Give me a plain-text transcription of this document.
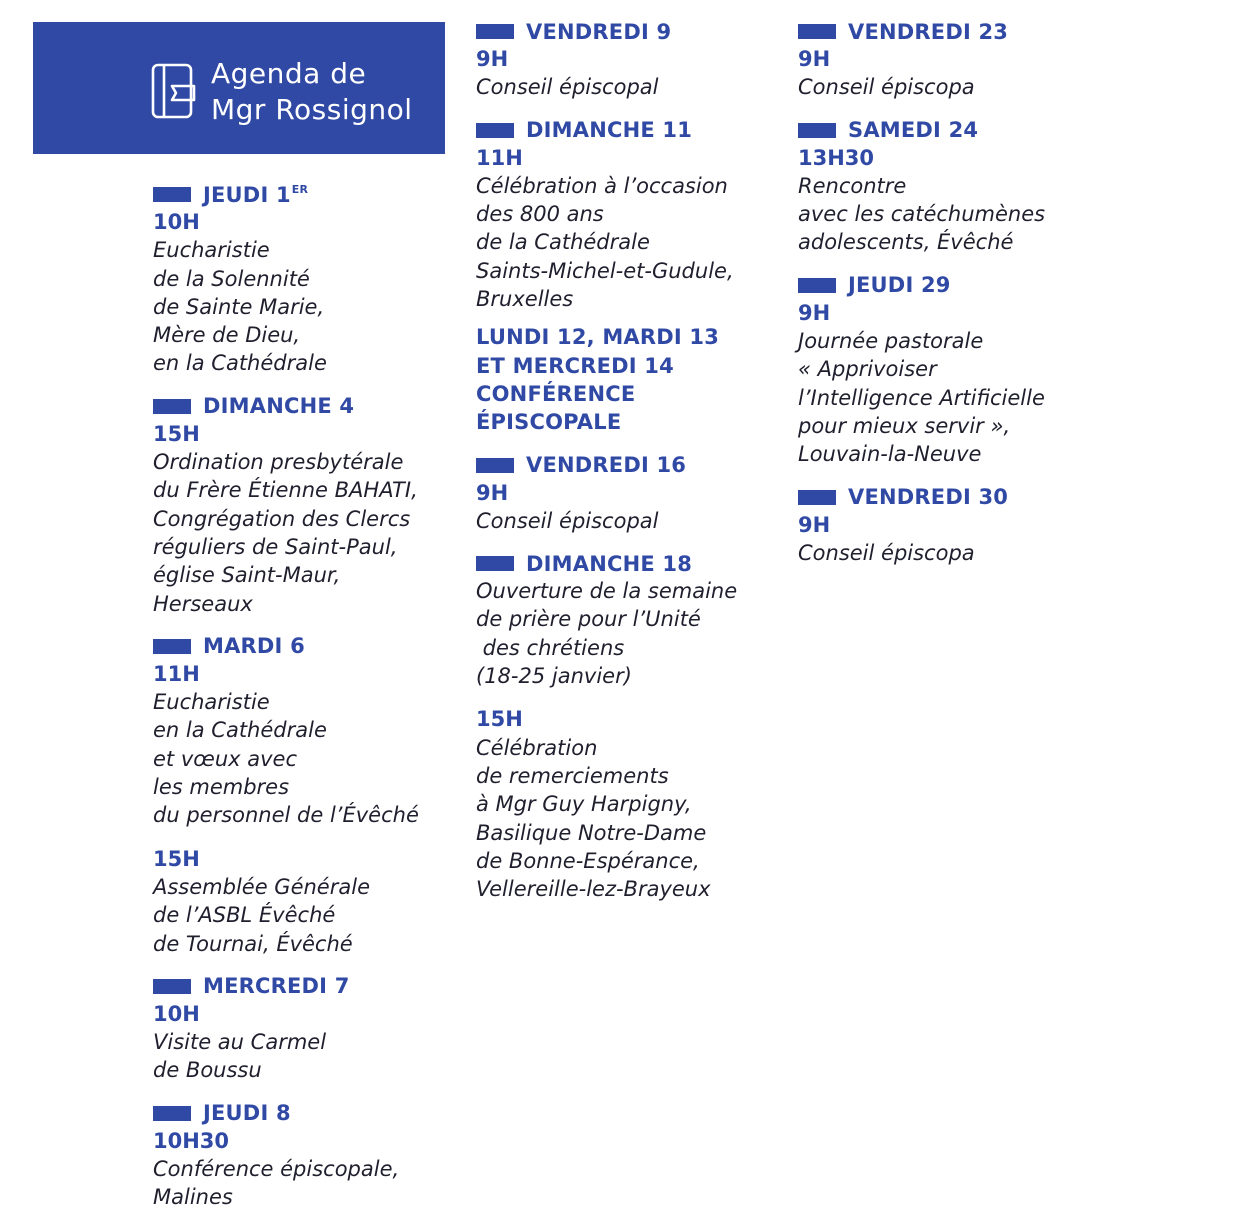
Agenda de
Mgr Rossignol
JEUDI 1ER
10H
Eucharistie
de la Solennité
de Sainte Marie,
Mère de Dieu,
en la Cathédrale
DIMANCHE 4
15H
Ordination presbytérale
du Frère Étienne BAHATI,
Congrégation des Clercs
réguliers de Saint-Paul,
église Saint-Maur,
Herseaux
MARDI 6
11H
Eucharistie
en la Cathédrale
et vœux avec
les membres
du personnel de l’Évêché
15H
Assemblée Générale
de l’ASBL Évêché
de Tournai, Évêché
MERCREDI 7
10H
Visite au Carmel
de Boussu
JEUDI 8
10H30
Conférence épiscopale,
Malines
VENDREDI 9
9H
Conseil épiscopal
DIMANCHE 11
11H
Célébration à l’occasion
des 800 ans
de la Cathédrale
Saints-Michel-et-Gudule,
Bruxelles
LUNDI 12, MARDI 13
ET MERCREDI 14
CONFÉRENCE
ÉPISCOPALE
VENDREDI 16
9H
Conseil épiscopal
DIMANCHE 18
Ouverture de la semaine
de prière pour l’Unité
des chrétiens
(18-25 janvier)
15H
Célébration
de remerciements
à Mgr Guy Harpigny,
Basilique Notre-Dame
de Bonne-Espérance,
Vellereille-lez-Brayeux
VENDREDI 23
9H
Conseil épiscopa
SAMEDI 24
13H30
Rencontre
avec les catéchumènes
adolescents, Évêché
JEUDI 29
9H
Journée pastorale
« Apprivoiser
l’Intelligence Artificielle
pour mieux servir »,
Louvain-la-Neuve
VENDREDI 30
9H
Conseil épiscopa
